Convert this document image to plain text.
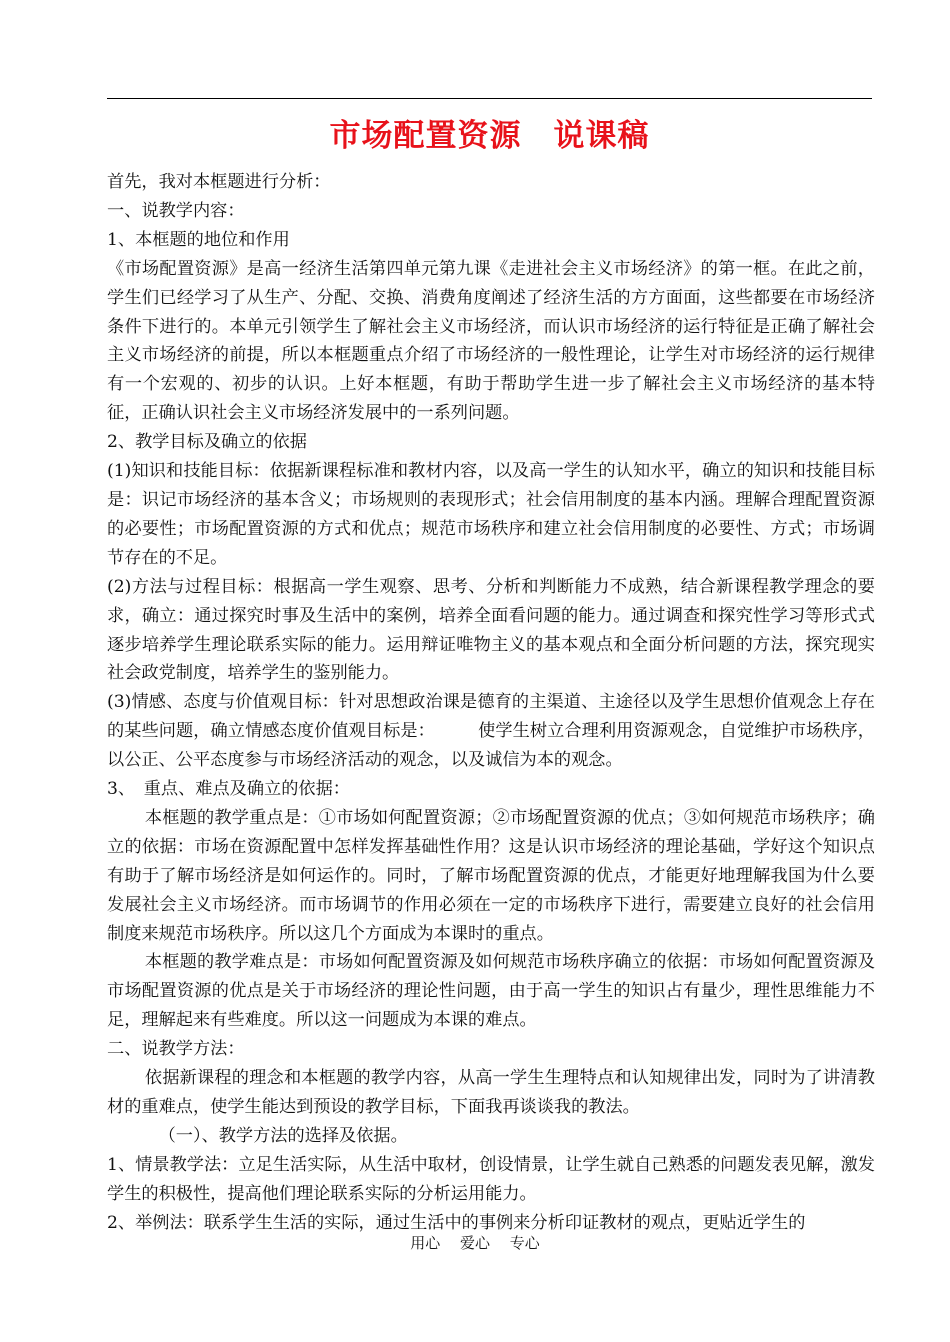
市场配置资源　说课稿

首先，我对本框题进行分析：

一、说教学内容：

1、本框题的地位和作用

《市场配置资源》是高一经济生活第四单元第九课《走进社会主义市场经济》的第一框。在此之前，学生们已经学习了从生产、分配、交换、消费角度阐述了经济生活的方方面面，这些都要在市场经济条件下进行的。本单元引领学生了解社会主义市场经济，而认识市场经济的运行特征是正确了解社会主义市场经济的前提，所以本框题重点介绍了市场经济的一般性理论，让学生对市场经济的运行规律有一个宏观的、初步的认识。上好本框题，有助于帮助学生进一步了解社会主义市场经济的基本特征，正确认识社会主义市场经济发展中的一系列问题。

2、教学目标及确立的依据

(1)知识和技能目标：依据新课程标准和教材内容，以及高一学生的认知水平，确立的知识和技能目标是：识记市场经济的基本含义；市场规则的表现形式；社会信用制度的基本内涵。理解合理配置资源的必要性；市场配置资源的方式和优点；规范市场秩序和建立社会信用制度的必要性、方式；市场调节存在的不足。

(2)方法与过程目标：根据高一学生观察、思考、分析和判断能力不成熟，结合新课程教学理念的要求，确立：通过探究时事及生活中的案例，培养全面看问题的能力。通过调查和探究性学习等形式式逐步培养学生理论联系实际的能力。运用辩证唯物主义的基本观点和全面分析问题的方法，探究现实社会政党制度，培养学生的鉴别能力。

(3)情感、态度与价值观目标：针对思想政治课是德育的主渠道、主途径以及学生思想价值观念上存在的某些问题，确立情感态度价值观目标是：　　　使学生树立合理利用资源观念，自觉维护市场秩序，以公正、公平态度参与市场经济活动的观念，以及诚信为本的观念。

3、　重点、难点及确立的依据：

本框题的教学重点是：①市场如何配置资源；②市场配置资源的优点；③如何规范市场秩序；确立的依据：市场在资源配置中怎样发挥基础性作用？这是认识市场经济的理论基础，学好这个知识点有助于了解市场经济是如何运作的。同时，了解市场配置资源的优点，才能更好地理解我国为什么要发展社会主义市场经济。而市场调节的作用必须在一定的市场秩序下进行，需要建立良好的社会信用制度来规范市场秩序。所以这几个方面成为本课时的重点。

本框题的教学难点是：市场如何配置资源及如何规范市场秩序确立的依据：市场如何配置资源及市场配置资源的优点是关于市场经济的理论性问题，由于高一学生的知识占有量少，理性思维能力不足，理解起来有些难度。所以这一问题成为本课的难点。

二、说教学方法：

依据新课程的理念和本框题的教学内容，从高一学生生理特点和认知规律出发，同时为了讲清教材的重难点，使学生能达到预设的教学目标，下面我再谈谈我的教法。

（一）、教学方法的选择及依据。

1、情景教学法：立足生活实际，从生活中取材，创设情景，让学生就自己熟悉的问题发表见解，激发学生的积极性，提高他们理论联系实际的分析运用能力。

2、举例法：联系学生生活的实际，通过生活中的事例来分析印证教材的观点，更贴近学生的

用心　 爱心　 专心
